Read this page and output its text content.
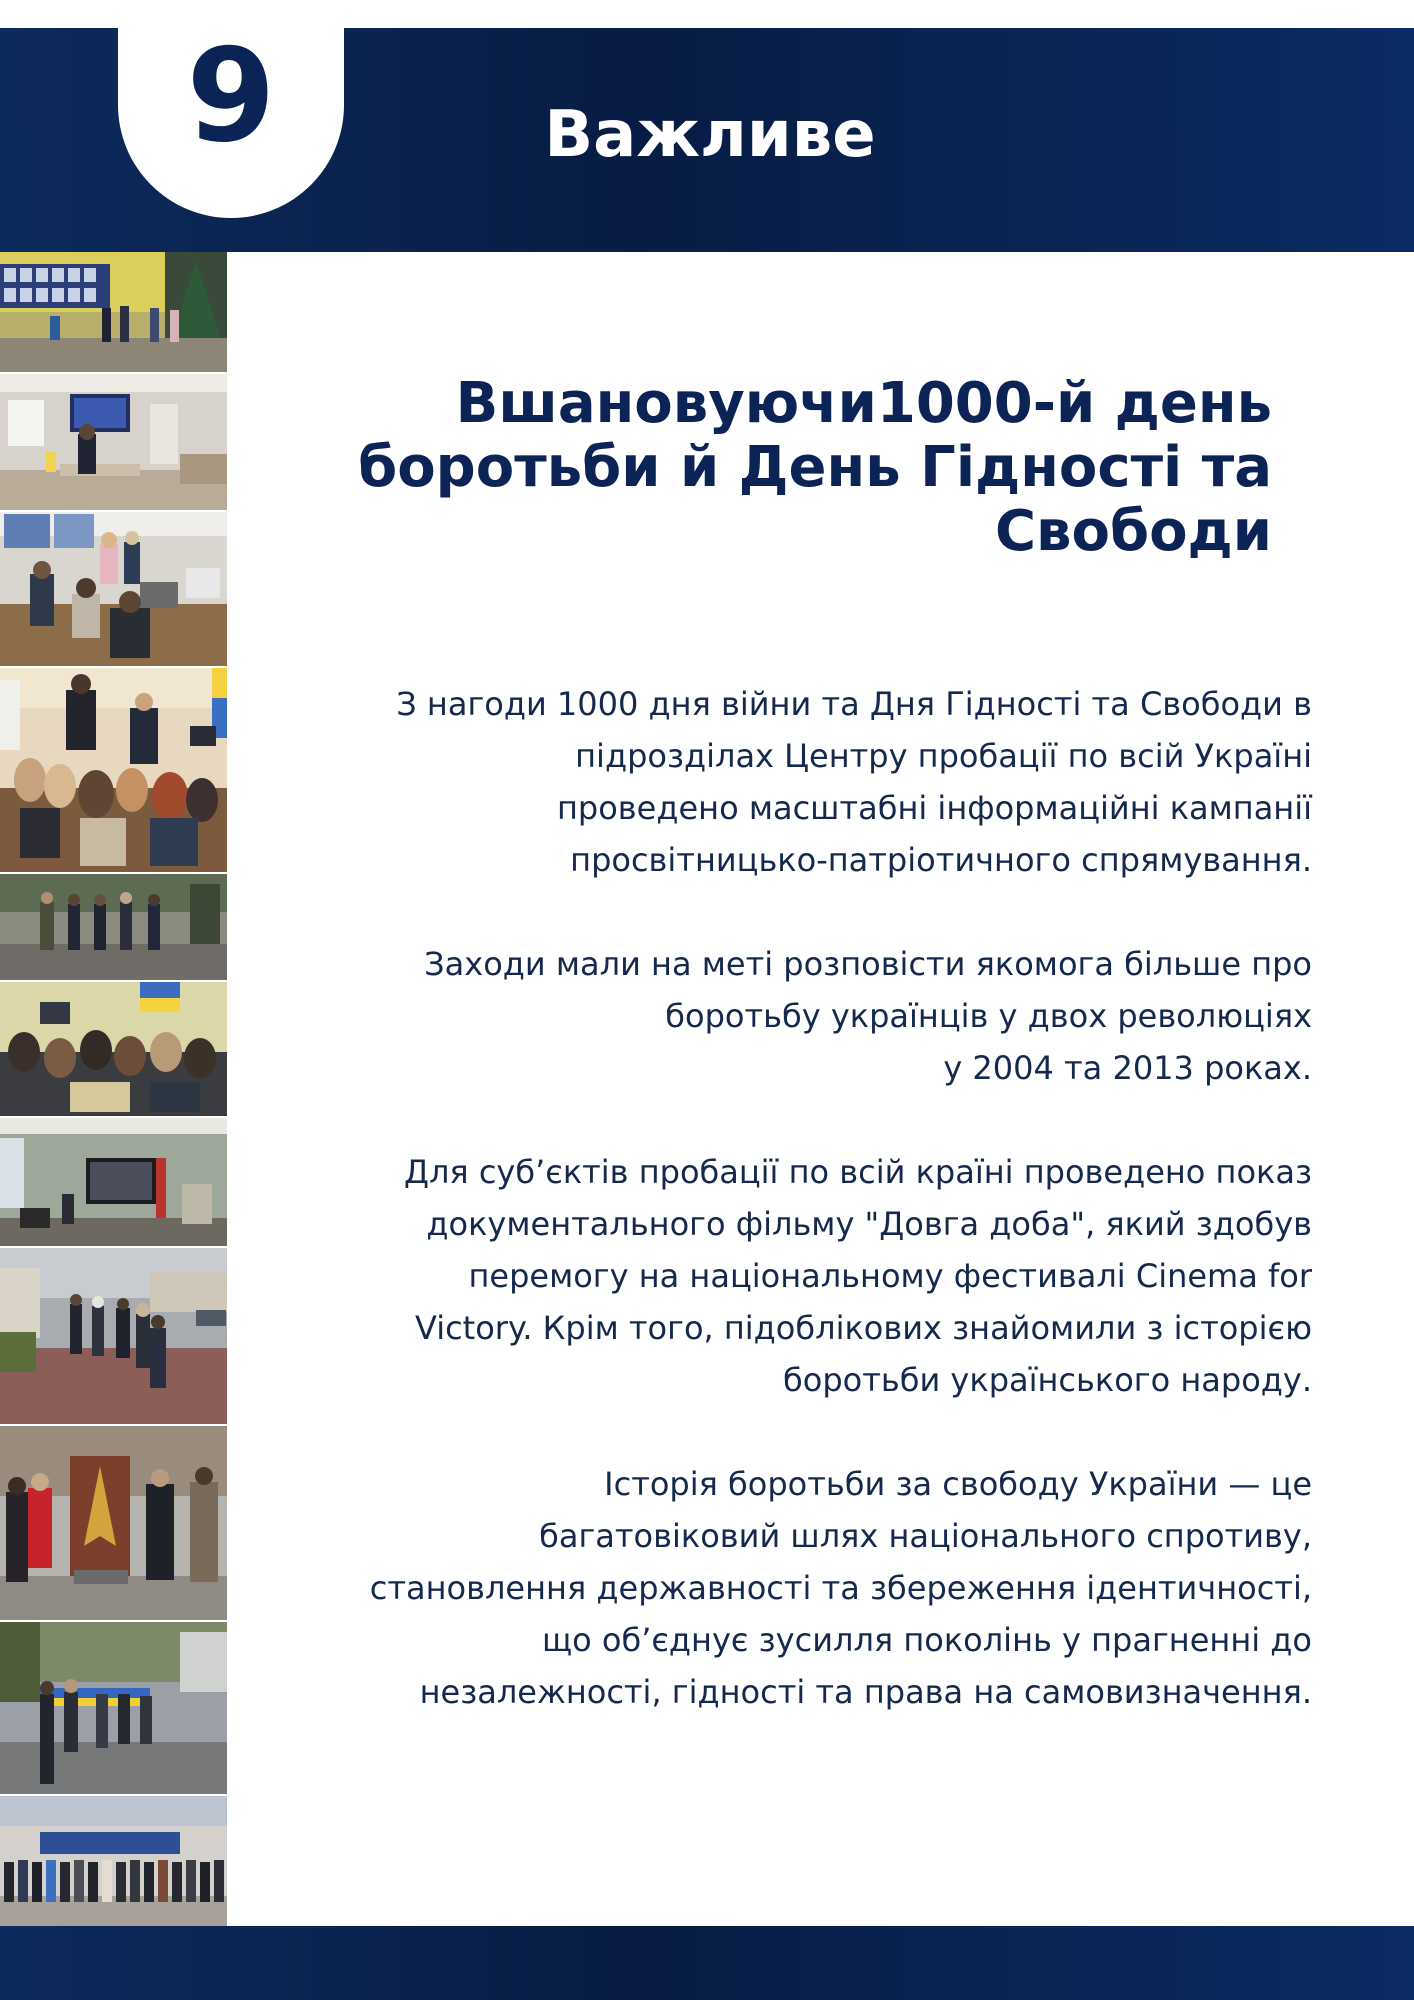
9	Важливе
Вшановуючи1000-й день
боротьби й День Гідності та
Свободи

З нагоди 1000 дня війни та Дня Гідності та Свободи в
підрозділах Центру пробації по всій Україні
проведено масштабні інформаційні кампанії
просвітницько-патріотичного спрямування.

Заходи мали на меті розповісти якомога більше про
боротьбу українців у двох революціях
у 2004 та 2013 роках.

Для суб’єктів пробації по всій країні проведено показ
документального фільму "Довга доба", який здобув
перемогу на національному фестивалі Cinema for
Victory. Крім того, підоблікових знайомили з історією
боротьби українського народу.

Історія боротьби за свободу України — це
багатовіковий шлях національного спротиву,
становлення державності та збереження ідентичності,
що об’єднує зусилля поколінь у прагненні до
незалежності, гідності та права на самовизначення.
